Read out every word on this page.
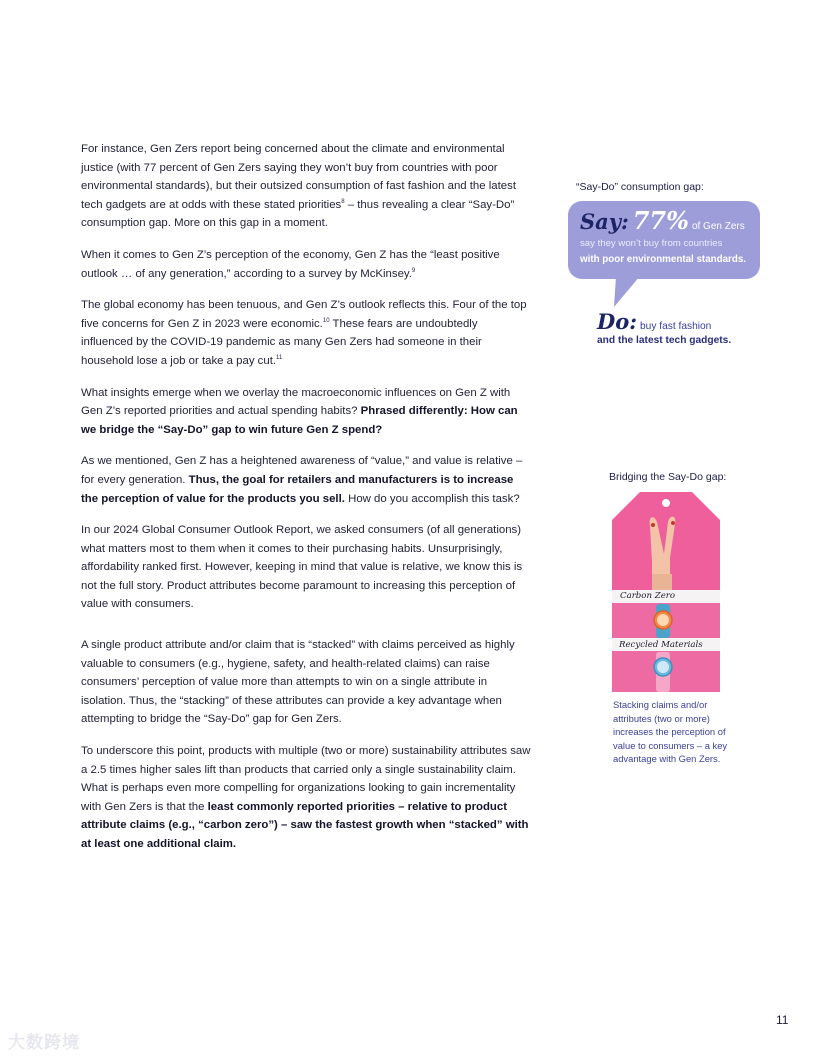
For instance, Gen Zers report being concerned about the climate and environmental justice (with 77 percent of Gen Zers saying they won’t buy from countries with poor environmental standards), but their outsized consumption of fast fashion and the latest tech gadgets are at odds with these stated priorities$^8$ – thus revealing a clear “Say-Do” consumption gap. More on this gap in a moment.

When it comes to Gen Z’s perception of the economy, Gen Z has the “least positive outlook … of any generation,” according to a survey by McKinsey.$^9$

The global economy has been tenuous, and Gen Z’s outlook reflects this. Four of the top five concerns for Gen Z in 2023 were economic.$^{10}$ These fears are undoubtedly influenced by the COVID-19 pandemic as many Gen Zers had someone in their household lose a job or take a pay cut.$^{11}$

What insights emerge when we overlay the macroeconomic influences on Gen Z with Gen Z’s reported priorities and actual spending habits? Phrased differently: How can we bridge the “Say-Do” gap to win future Gen Z spend?

As we mentioned, Gen Z has a heightened awareness of “value,” and value is relative – for every generation. Thus, the goal for retailers and manufacturers is to increase the perception of value for the products you sell. How do you accomplish this task?

In our 2024 Global Consumer Outlook Report, we asked consumers (of all generations) what matters most to them when it comes to their purchasing habits. Unsurprisingly, affordability ranked first. However, keeping in mind that value is relative, we know this is not the full story. Product attributes become paramount to increasing this perception of value with consumers.

A single product attribute and/or claim that is “stacked” with claims perceived as highly valuable to consumers (e.g., hygiene, safety, and health-related claims) can raise consumers’ perception of value more than attempts to win on a single attribute in isolation. Thus, the “stacking” of these attributes can provide a key advantage when attempting to bridge the “Say-Do” gap for Gen Zers.

To underscore this point, products with multiple (two or more) sustainability attributes saw a 2.5 times higher sales lift than products that carried only a single sustainability claim. What is perhaps even more compelling for organizations looking to gain incrementality with Gen Zers is that the least commonly reported priorities – relative to product attribute claims (e.g., “carbon zero”) – saw the fastest growth when “stacked” with at least one additional claim.

“Say-Do” consumption gap:
Say: 77% of Gen Zers
say they won’t buy from countries
with poor environmental standards.
Do: buy fast fashion
and the latest tech gadgets.
Bridging the Say-Do gap:
Carbon Zero
Recycled Materials
Stacking claims and/or attributes (two or more) increases the perception of value to consumers – a key advantage with Gen Zers.
11
大数跨境
